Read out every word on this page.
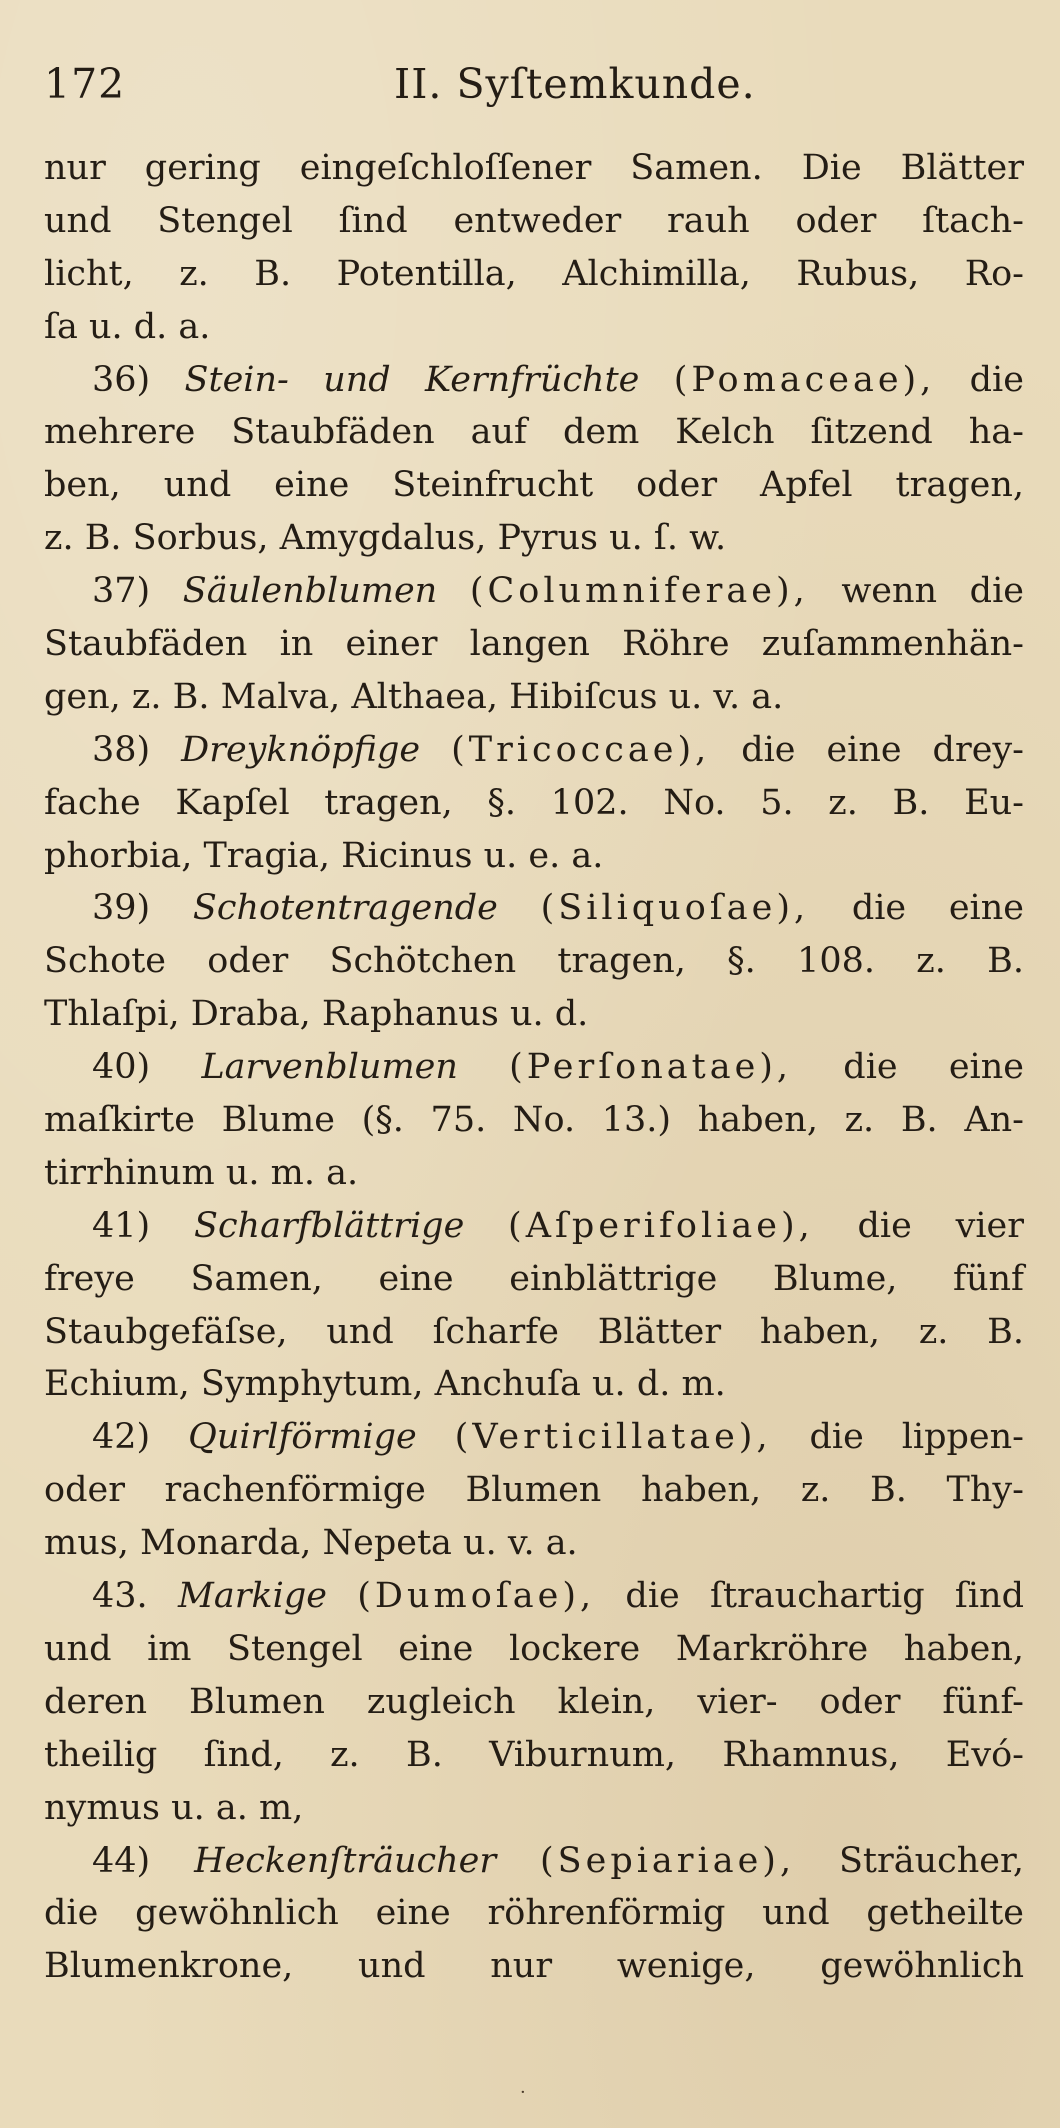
172	II. Syſtemkunde.
nur gering eingeſchloſſener Samen. Die Blätter
und Stengel ſind entweder rauh oder ſtach-
licht, z. B. Potentilla, Alchimilla, Rubus, Ro-
ſa u. d. a.
36) Stein- und Kernfrüchte (Pomaceae), die
mehrere Staubfäden auf dem Kelch ſitzend ha-
ben, und eine Steinfrucht oder Apfel tragen,
z. B. Sorbus, Amygdalus, Pyrus u. ſ. w.
37) Säulenblumen (Columniferae), wenn die
Staubfäden in einer langen Röhre zuſammenhän-
gen, z. B. Malva, Althaea, Hibiſcus u. v. a.
38) Dreyknöpfige (Tricoccae), die eine drey-
fache Kapſel tragen, §. 102. No. 5. z. B. Eu-
phorbia, Tragia, Ricinus u. e. a.
39) Schotentragende (Siliquoſae), die eine
Schote oder Schötchen tragen, §. 108. z. B.
Thlaſpi, Draba, Raphanus u. d.
40) Larvenblumen (Perſonatae), die eine
maſkirte Blume (§. 75. No. 13.) haben, z. B. An-
tirrhinum u. m. a.
41) Scharfblättrige (Aſperifoliae), die vier
freye Samen, eine einblättrige Blume, fünf
Staubgefäſse, und ſcharfe Blätter haben, z. B.
Echium, Symphytum, Anchuſa u. d. m.
42) Quirlförmige (Verticillatae), die lippen-
oder rachenförmige Blumen haben, z. B. Thy-
mus, Monarda, Nepeta u. v. a.
43. Markige (Dumoſae), die ſtrauchartig ſind
und im Stengel eine lockere Markröhre haben,
deren Blumen zugleich klein, vier- oder fünf-
theilig ſind, z. B. Viburnum, Rhamnus, Evó-
nymus u. a. m,
44) Heckenſträucher (Sepiariae), Sträucher,
die gewöhnlich eine röhrenförmig und getheilte
Blumenkrone, und nur wenige, gewöhnlich
·
